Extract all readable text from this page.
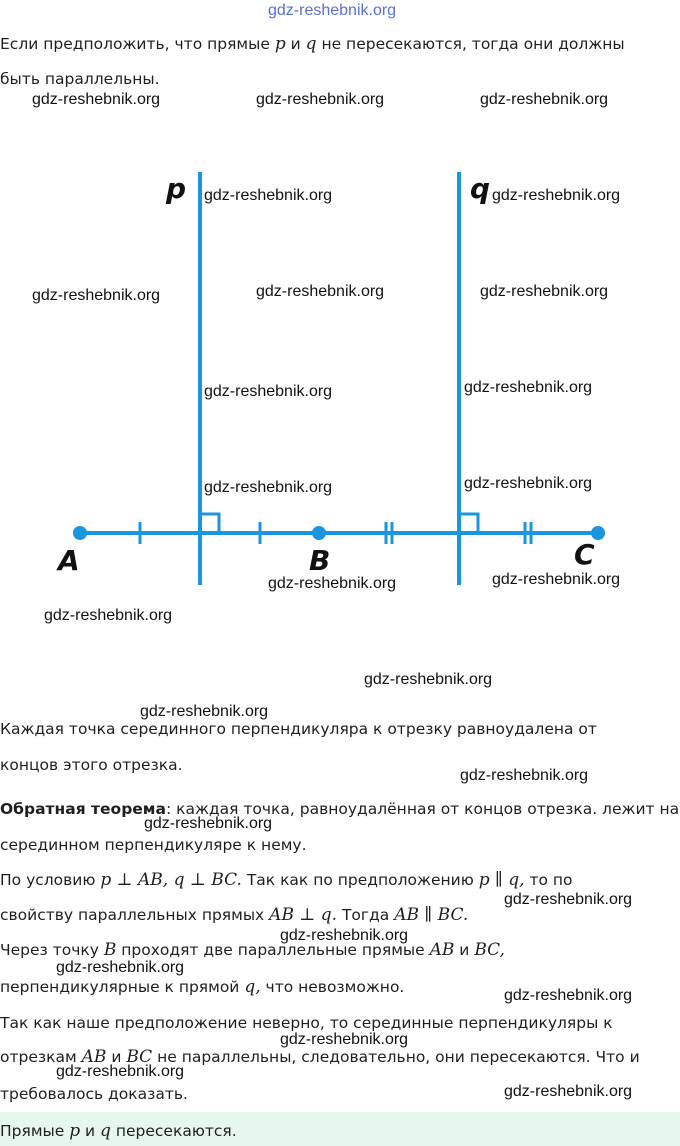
gdz-reshebnik.org
Если предположить, что прямые p и q не пересекаются, тогда они должны
быть параллельны.
p	q
A	B	C
Каждая точка серединного перпендикуляра к отрезку равноудалена от
концов этого отрезка.
Обратная теорема: каждая точка, равноудалённая от концов отрезка. лежит на
серединном перпендикуляре к нему.
По условию p ⊥ AB, q ⊥ BC. Так как по предположению p ∥ q, то по
свойству параллельных прямых AB ⊥ q. Тогда AB ∥ BC.
Через точку B проходят две параллельные прямые AB и BC,
перпендикулярные к прямой q, что невозможно.
Так как наше предположение неверно, то серединные перпендикуляры к
отрезкам AB и BC не параллельны, следовательно, они пересекаются. Что и
требовалось доказать.
Прямые p и q пересекаются.
gdz-reshebnik.org	gdz-reshebnik.org	gdz-reshebnik.org
gdz-reshebnik.org	gdz-reshebnik.org
gdz-reshebnik.org	gdz-reshebnik.org	gdz-reshebnik.org
gdz-reshebnik.org	gdz-reshebnik.org
gdz-reshebnik.org	gdz-reshebnik.org
gdz-reshebnik.org	gdz-reshebnik.org
gdz-reshebnik.org
gdz-reshebnik.org
gdz-reshebnik.org
gdz-reshebnik.org
gdz-reshebnik.org
gdz-reshebnik.org
gdz-reshebnik.org
gdz-reshebnik.org
gdz-reshebnik.org
gdz-reshebnik.org
gdz-reshebnik.org
gdz-reshebnik.org
